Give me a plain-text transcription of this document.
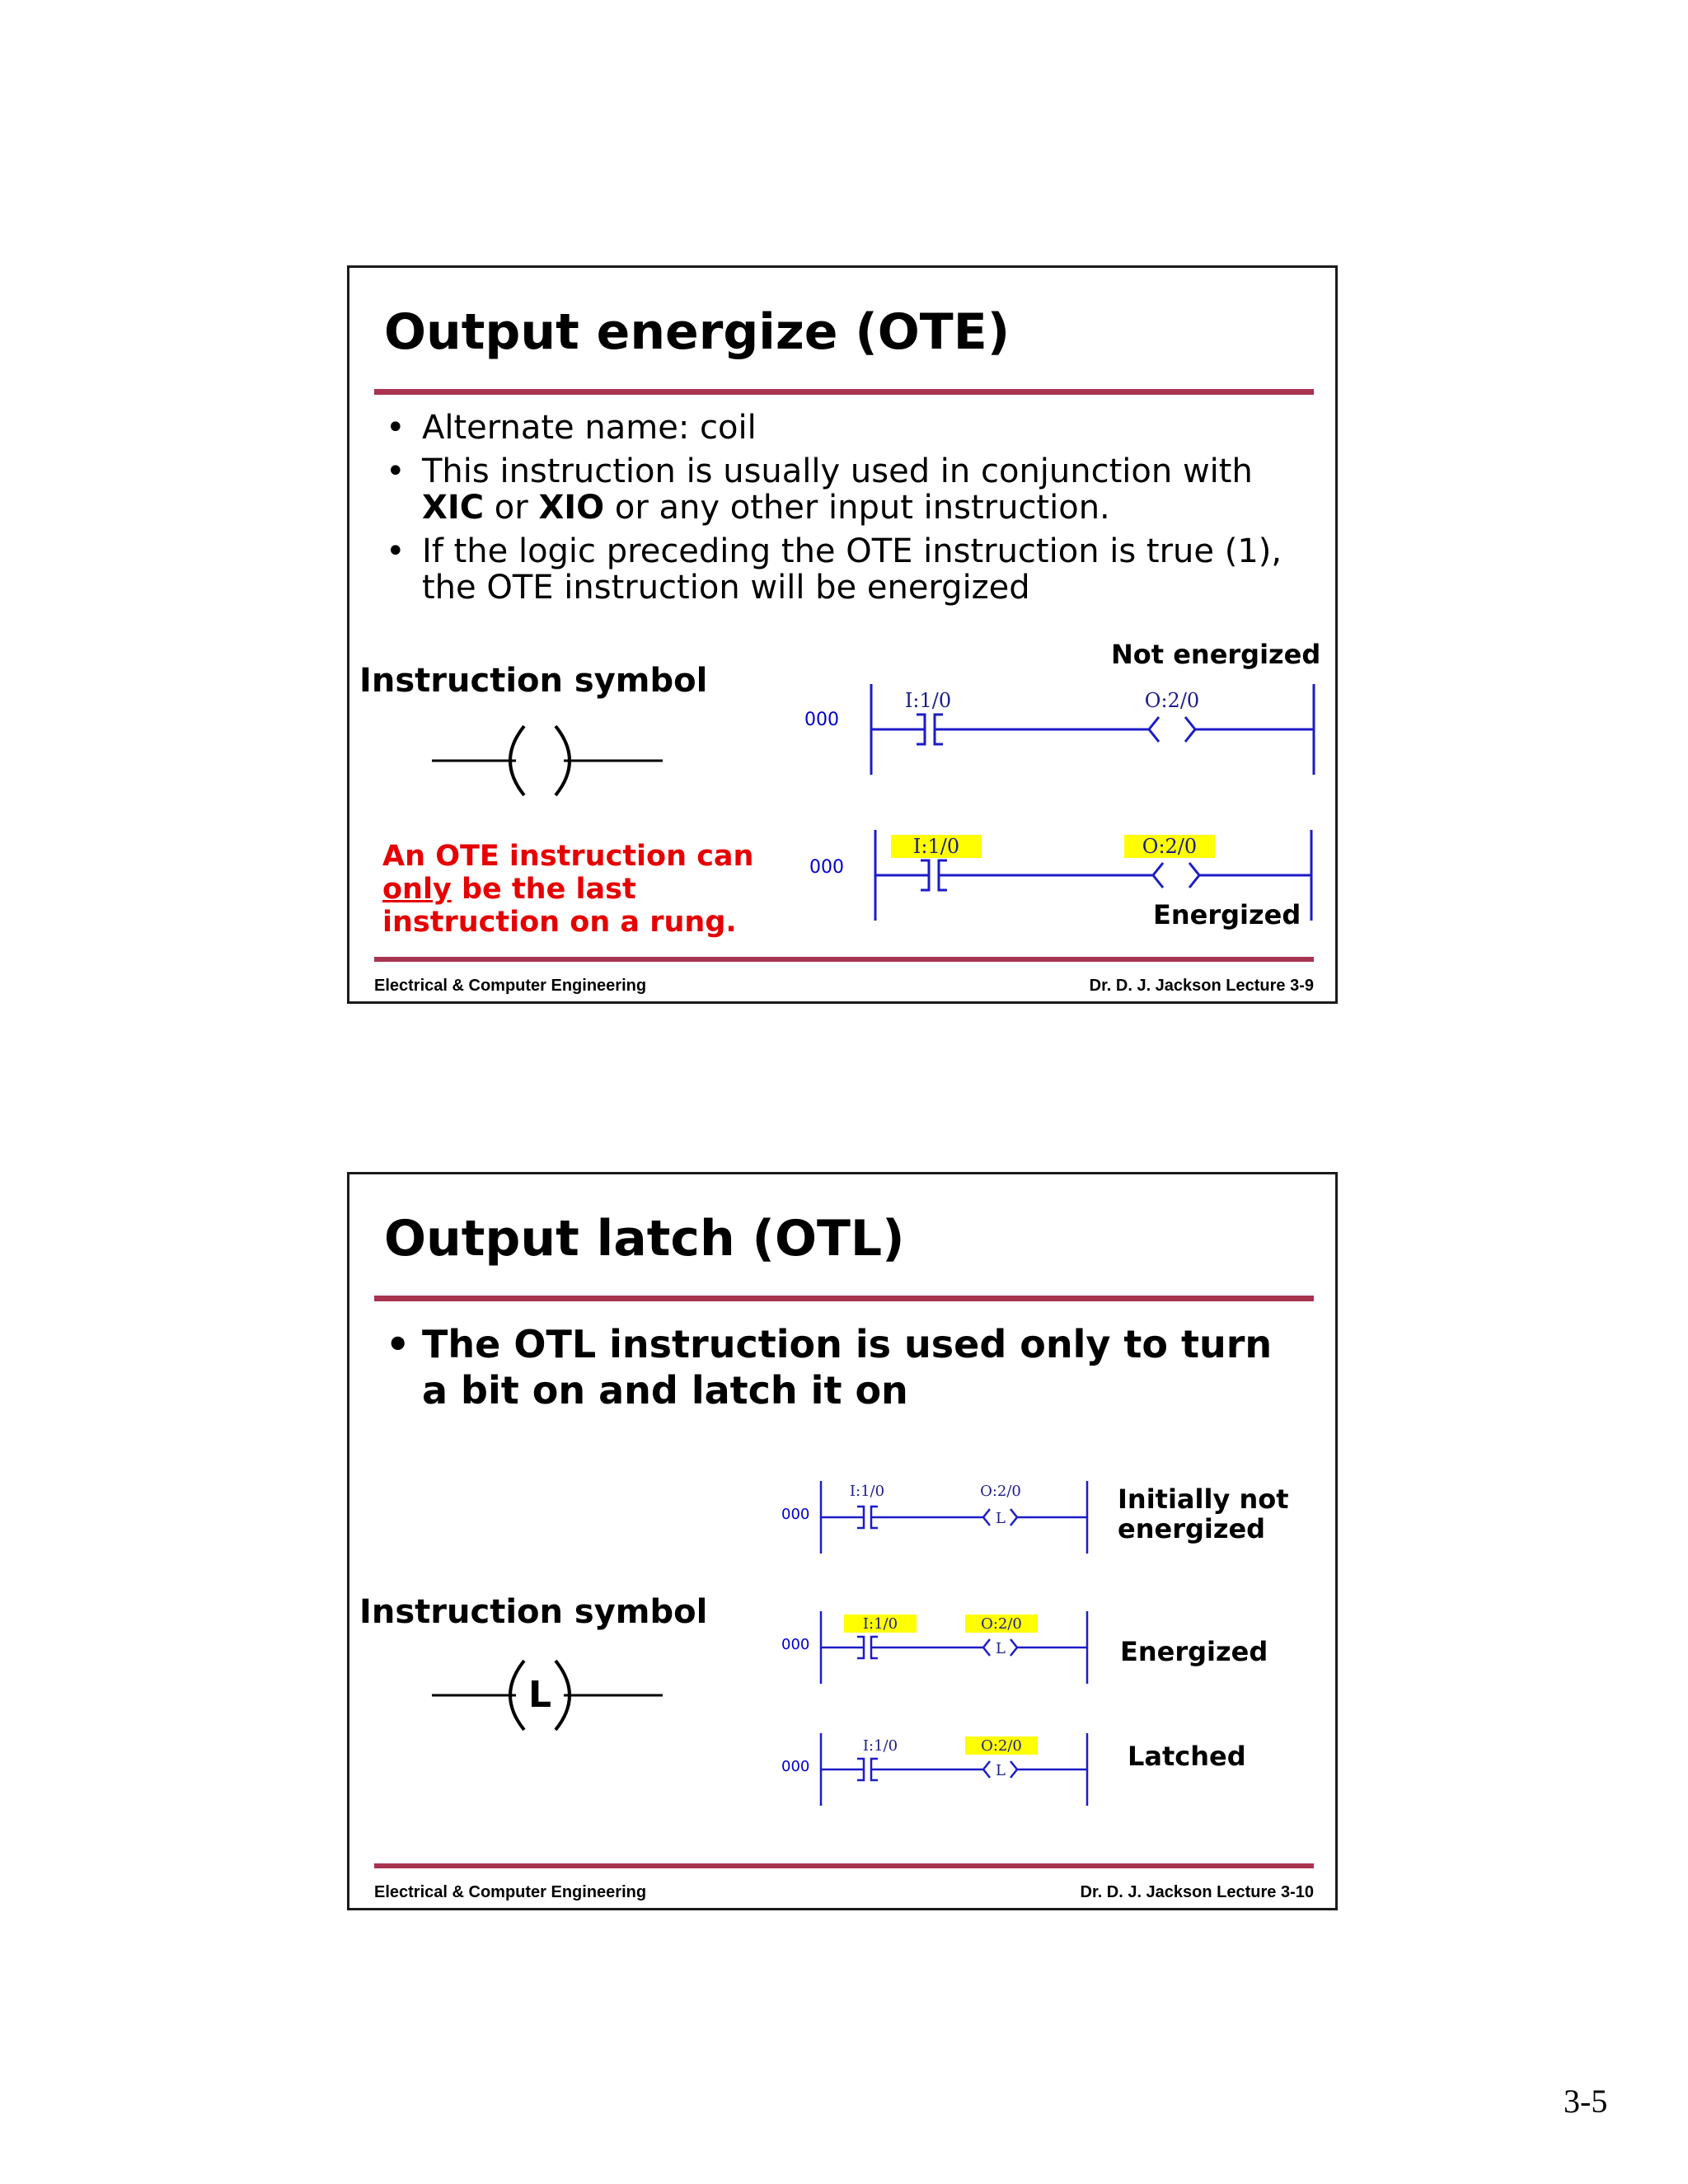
Output energize (OTE)
• Alternate name: coil
• This instruction is usually used in conjunction with XIC or XIO or any other input instruction.
• If the logic preceding the OTE instruction is true (1), the OTE instruction will be energized
Instruction symbol
Not energized
000
I:1/0	O:2/0
000
I:1/0	O:2/0
Energized
An OTE instruction can
only be the last
instruction on a rung.
Electrical & Computer Engineering	Dr. D. J. Jackson Lecture 3-9
Output latch (OTL)
• The OTL instruction is used only to turn a bit on and latch it on
Instruction symbol
L
000	L
I:1/0	O:2/0	Initially not
energized
000	L
I:1/0	O:2/0
Energized
000	L
I:1/0	O:2/0	Latched
Electrical & Computer Engineering	Dr. D. J. Jackson Lecture 3-10
3-5
